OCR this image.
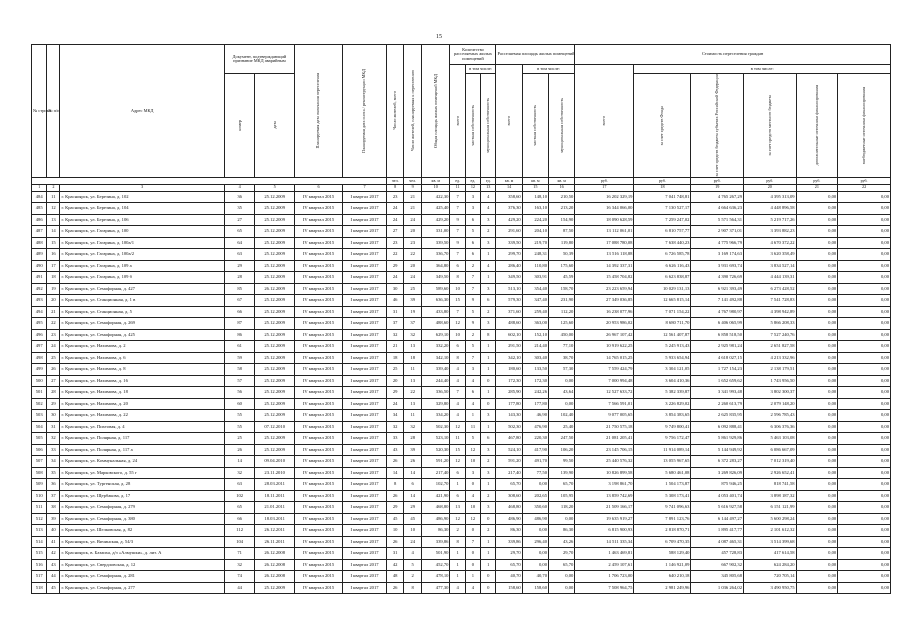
15
№ строки	№ п/п	Адрес МКД	Документ, подтверждающий признание МКД аварийным		Планируемая дата окончания переселения	Планируемая дата сноса / реконструкции МКД	Число жителей, всего	Число жителей, планируемых к переселению	Общая площадь жилых помещений МКД	Количество расселяемых жилых помещений			Расселяемая площадь жилых помещений			Стоимость переселения граждан					

										всего	в том числе:		всего	в том числе:		всего	в том числе:				

			номер	дата							частная собственность	муниципальная собственность		частная собственность	муниципальная собственность		за счет средств Фонда	за счет средств бюджета субъекта Российской Федерации	за счет средств местного бюджета	дополнительные источники финансирования	внебюджетные источники финансирования

							чел.	чел.	кв. м	ед.	ед.	ед.	кв. м	кв. м	кв. м	руб.	руб.	руб.	руб.	руб.	руб.
1	2	3	4	5	6	7	8	9	10	11	12	13	14	15	16	17	18	19	20	21	22
484	11	г. Красноярск, ул. Березина, д. 102	36	25.12.2009	IV квартал 2015	I квартал 2017	23	21	422,30	7	3	4	358,60	148,10	210,50	16 202 329,19	7 041 748,81	4 765 267,29	4 395 313,09	0,00	0,00
485	12	г. Красноярск, ул. Березина, д. 104	35	25.12.2009	IV квартал 2015	I квартал 2017	24	21	425,40	7	3	4	376,30	163,10	213,20	16 344 066,00	7 130 527,17	4 664 636,23	4 448 896,58	0,00	0,00
486	13	г. Красноярск, ул. Березина, д. 106	27	25.12.2009	IV квартал 2015	I квартал 2017	24	24	429,20	9	6	3	429,20	224,20	154,90	18 090 628,59	7 259 247,02	5 571 564,31	5 219 717,26	0,00	0,00
487	14	г. Красноярск, ул. Гагарина, д. 100	65	25.12.2009	IV квартал 2015	I квартал 2017	27	20	331,00	7	5	2	291,60	204,10	87,50	13 112 061,01	6 810 757,77	2 907 371,01	3 393 882,23	0,00	0,00
488	15	г. Красноярск, ул. Гагарина, д. 100а/1	64	25.12.2009	IV квартал 2015	I квартал 2017	23	23	339,50	9	6	3	339,50	219,70	119,80	17 088 780,08	7 638 440,23	4 775 966,79	4 670 372,22	0,00	0,00
489	16	г. Красноярск, ул. Гагарина, д. 100а/2	63	25.12.2009	IV квартал 2015	I квартал 2017	22	22	336,70	7	6	1	299,70	248,31	50,39	13 516 118,88	6 726 585,78	3 169 174,63	3 620 358,49	0,00	0,00
490	17	г. Красноярск, ул. Гагарина, д. 109 а	29	25.12.2009	IV квартал 2015	I квартал 2017	29	20	364,80	6	2	4	286,40	110,80	175,60	14 392 337,31	6 626 116,43	3 931 693,74	3 834 527,14	0,00	0,00
491	18	г. Красноярск, ул. Гагарина, д. 109 б	28	25.12.2009	IV квартал 2015	I квартал 2017	24	24	349,50	8	7	1	349,50	303,91	45,59	15 458 704,82	6 623 838,87	4 390 726,69	4 444 139,31	0,00	0,00
492	19	г. Красноярск, ул. Семафорная, д. 427	85	26.12.2009	IV квартал 2015	I квартал 2017	30	25	589,60	10	7	3	513,10	354,40	158,70	23 223 659,94	10 029 131,13	6 921 393,49	6 273 428,52	0,00	0,00
493	20	г. Красноярск, ул. Станционная, д. 1 в	67	25.12.2009	IV квартал 2015	I квартал 2017	46	39	636,30	15	9	6	579,30	347,40	231,90	27 349 036,85	12 665 815,14	7 141 492,88	7 541 728,83	0,00	0,00
494	21	г. Красноярск, ул. Станционная, д. 5	66	25.12.2009	IV квартал 2015	I квартал 2017	31	19	433,80	7	5	2	371,60	259,40	112,20	16 238 077,96	7 071 154,22	4 767 980,97	4 398 942,89	0,00	0,00
495	22	г. Красноярск, ул. Семафорная, д. 269	87	25.12.2009	IV квартал 2015	I квартал 2017	37	37	488,60	12	9	3	488,60	363,00	125,60	20 953 986,02	8 680 711,70	6 406 065,99	5 866 208,33	0,00	0,00
496	23	г. Красноярск, ул. Семафорная, д. 425	86	25.12.2009	IV квартал 2015	I квартал 2017	32	32	629,10	10	2	8	602,10	152,10	450,00	26 967 107,42	12 561 407,87	6 858 518,50	7 527 240,76	0,00	0,00
497	24	г. Красноярск, ул. Нахимова, д. 2	61	25.12.2009	IV квартал 2015	I квартал 2017	21	13	332,20	6	5	1	291,50	214,40	77,10	10 919 622,25	5 245 913,43	2 925 981,24	2 651 827,58	0,00	0,00
498	25	г. Красноярск, ул. Нахимова, д. 6	59	25.12.2009	IV квартал 2015	I квартал 2017	18	18	342,10	8	7	1	342,10	303,40	38,70	14 765 015,25	5 933 654,94	4 618 027,15	4 213 332,96	0,00	0,00
499	26	г. Красноярск, ул. Нахимова, д. 8	58	25.12.2009	IV квартал 2015	I квартал 2017	25	11	339,40	4	3	1	180,60	133,50	57,30	7 559 424,79	3 304 121,05	1 727 154,23	2 138 179,51	0,00	0,00
500	27	г. Красноярск, ул. Нахимова, д. 16	57	25.12.2009	IV квартал 2015	I квартал 2017	20	13	244,40	4	4	0	172,30	172,30	0,00	7 000 994,48	3 604 410,36	1 652 659,62	1 743 956,50	0,00	0,00
501	28	г. Красноярск, ул. Нахимова, д. 18	56	25.12.2009	IV квартал 2015	I квартал 2017	29	22	336,50	7	6	1	285,90	242,26	43,64	12 527 633,72	5 382 339,87	3 341 993,48	3 802 300,37	0,00	0,00
502	29	г. Красноярск, ул. Нахимова, д. 20	60	25.12.2009	IV квартал 2015	I квартал 2017	24	13	329,80	4	4	0	177,80	177,80	0,00	7 566 591,01	3 226 829,02	2 260 613,79	2 079 148,20	0,00	0,00
503	30	г. Красноярск, ул. Нахимова, д. 22	55	25.12.2009	IV квартал 2015	I квартал 2017	34	11	334,20	4	1	3	143,30	46,90	102,40	9 077 005,65	3 854 383,65	2 625 835,95	2 596 785,43	0,00	0,00
504	31	г. Красноярск, ул. Пихтовая, д. 4	55	07.12.2010	IV квартал 2015	I квартал 2017	32	32	502,30	12	11	1	502,30	476,90	25,40	21 750 575,18	9 749 800,41	6 092 888,41	6 306 376,36	0,00	0,00
505	32	г. Красноярск, ул. Полярная, д. 117	25	25.12.2009	IV квартал 2015	I квартал 2017	33	28	523,10	11	5	6	467,80	220,30	247,50	21 081 205,41	9 756 172,47	5 861 929,86	5 463 103,08	0,00	0,00
506	33	г. Красноярск, ул. Полярная, д. 117 а	26	25.12.2009	IV квартал 2015	I квартал 2017	43	39	520,30	15	12	3	524,10	417,90	106,20	23 145 706,15	11 914 089,14	5 144 949,92	6 086 667,09	0,00	0,00
507	34	г. Красноярск, ул. Коммунальная, д. 24	14	09.04.2010	IV квартал 2015	I квартал 2017	26	26	591,20	12	10	2	591,20	491,70	99,50	25 440 576,32	13 055 967,65	6 372 283,27	7 012 319,40	0,00	0,00
508	35	г. Красноярск, ул. Марковского, д. 55 г	32	23.11.2010	IV квартал 2015	I квартал 2017	14	14	217,40	6	3	3	217,40	77,50	139,90	10 826 899,58	5 680 461,08	3 269 826,09	2 926 652,41	0,00	0,00
509	36	г. Красноярск, ул. Тургенская, д. 28	63	28.03.2011	IV квартал 2015	I квартал 2017	8	6	102,70	1	0	1	65,70	0,00	65,70	3 198 861,70	1 504 173,87	875 946,25	818 741,58	0,00	0,00
510	37	г. Красноярск, ул. Щербакова, д. 17	102	18.11.2011	IV квартал 2015	I квартал 2017	26	14	421,90	6	4	2	308,60	202,65	105,95	13 859 742,69	5 308 173,41	4 053 401,74	3 898 187,32	0,00	0,00
511	38	г. Красноярск, ул. Семафорная, д. 279	65	21.01.2011	IV квартал 2015	I квартал 2017	29	29	468,80	13	10	3	468,80	350,60	118,20	21 509 166,17	9 741 096,63	5 616 927,58	6 151 121,99	0,00	0,00
512	39	г. Красноярск, ул. Семафорная, д. 380	66	18.03.2011	IV квартал 2015	I квартал 2017	45	45	486,90	12	12	0	486,90	486,90	0,00	19 635 919,27	7 891 123,76	6 144 497,27	5 600 298,24	0,00	0,00
513	40	г. Красноярск, ул. Шелковская, д. 82	112	26.12.2011	IV квартал 2015	I квартал 2017	10	10	86,30	2	0	2	86,30	0,00	86,30	6 815 900,93	2 818 870,71	1 895 417,77	2 101 612,32	0,00	0,00
514	41	г. Красноярск, ул. Вичинская, д. 54/3	104	26.11.2011	IV квартал 2015	I квартал 2017	26	24	339,86	8	7	1	339,86	296,40	43,26	14 511 335,34	6 709 470,35	4 087 465,31	3 514 399,68	0,00	0,00
515	42	г. Красноярск, в. Базаиха, д/з «Алмушки», д. лит. А	71	26.12.2008	IV квартал 2015	I квартал 2017	31	4	501,90	1	0	1	29,70	0,00	29,70	1 463 469,81	588 129,40	457 728,83	417 614,58	0,00	0,00
516	43	г. Красноярск, ул. Свердловская, д. 12	32	26.12.2008	IV квартал 2015	I квартал 2017	42	5	452,70	1	0	1	65,70	0,00	65,70	2 459 107,61	1 146 921,09	667 902,32	624 284,20	0,00	0,00
517	44	г. Красноярск, ул. Семафорная, д. 281	74	26.12.2008	IV квартал 2015	I квартал 2017	48	2	478,10	1	1	0	40,70	40,70	0,00	1 706 723,00	640 210,18	345 805,68	720 705,14	0,00	0,00
518	45	г. Красноярск, ул. Семафорная, д. 277	44	25.12.2009	IV квартал 2015	I квартал 2017	26	8	477,30	4	4	0	158,60	158,60	0,00	7 508 964,75	2 981 249,96	1 036 264,02	3 490 950,75	0,00	0,00
